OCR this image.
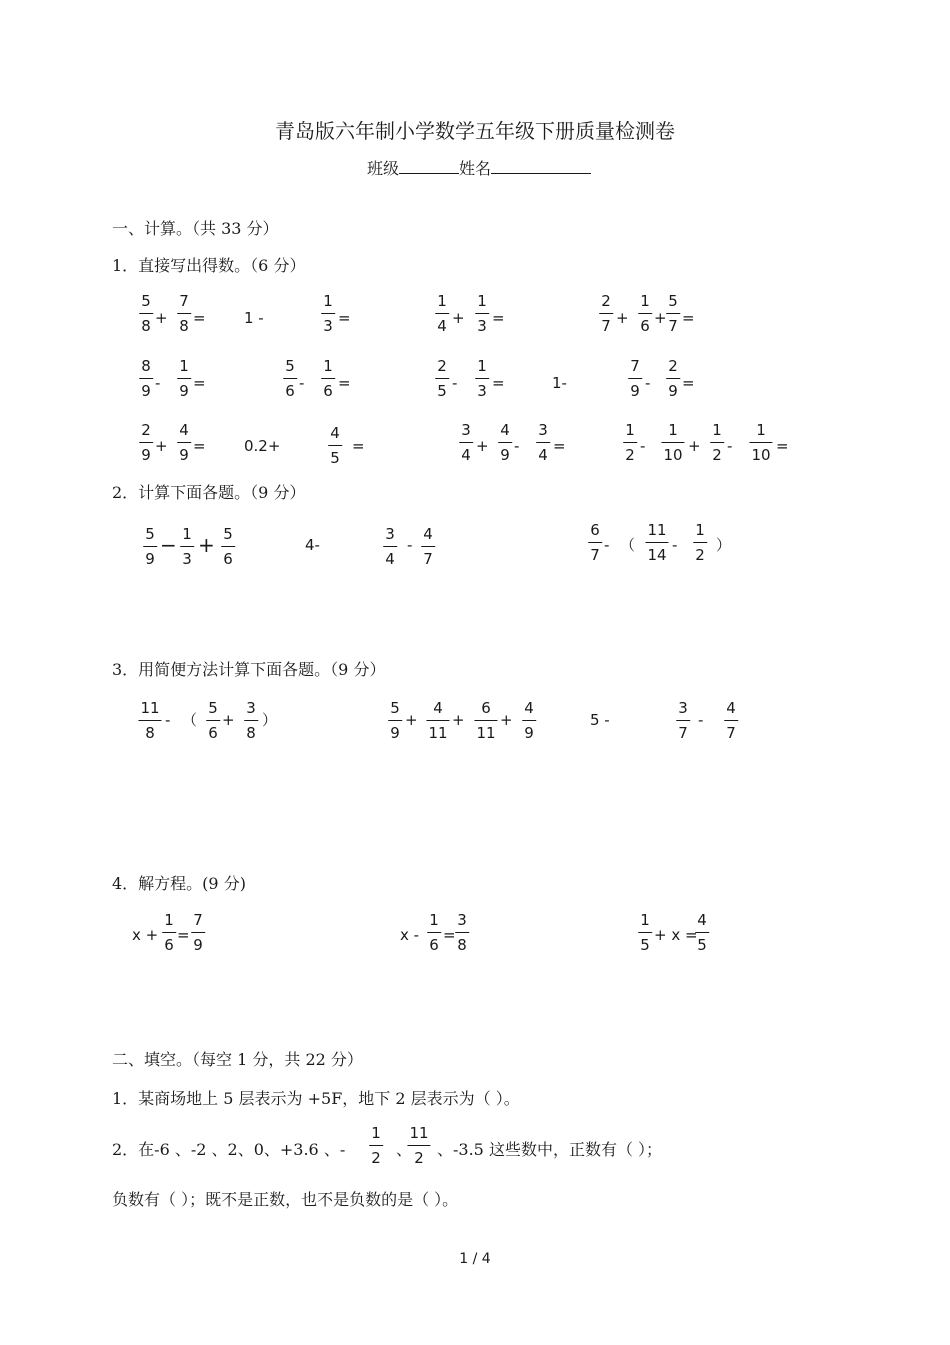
青岛版六年制小学数学五年级下册质量检测卷
班级	姓名
一、计算。（共 33 分）
1．直接写出得数。（6 分）
5
8 +
7
8 =	1 -
1
3 =
1
4 +
1
3 =
2
7 +
1
6 +
5
7 =
8
9 -
1
9 =
5
6 -
1
6 =
2
5 -
1
3 =	1-
7
9 -
2
9 =
2
9 +
4
9 =	0.2+
4
5
=
3
4 +
4
9 -
3
4 =
1
2 -
1
10 +
1
2 -
1
10 =
5
9
− 1
3
+ 5
6
4-
3
4
-
4
7
6
7
- （
11
14
-
1
2
）
11
8
- （
5
6
+
3
8
）
5
9
+
4
11
+
6
11
+
4
9
5 -
3
7
-
4
7
x +
1
6
=
7
9
x -
1
6
=
3
8
1
5
+ x =
4
5
1
2
11
2
2．计算下面各题。（9 分）
3．用简便方法计算下面各题。（9 分）
4．解方程。(9 分)
二、填空。（每空 1 分，共 22 分）
1．某商场地上 5 层表示为 +5F，地下 2 层表示为（ ）。
2．在-6 、-2 、2、0、+3.6 、-	、 、-3.5 这些数中，正数有（ ）；
负数有（ ）；既不是正数，也不是负数的是（ ）。
1 / 4
